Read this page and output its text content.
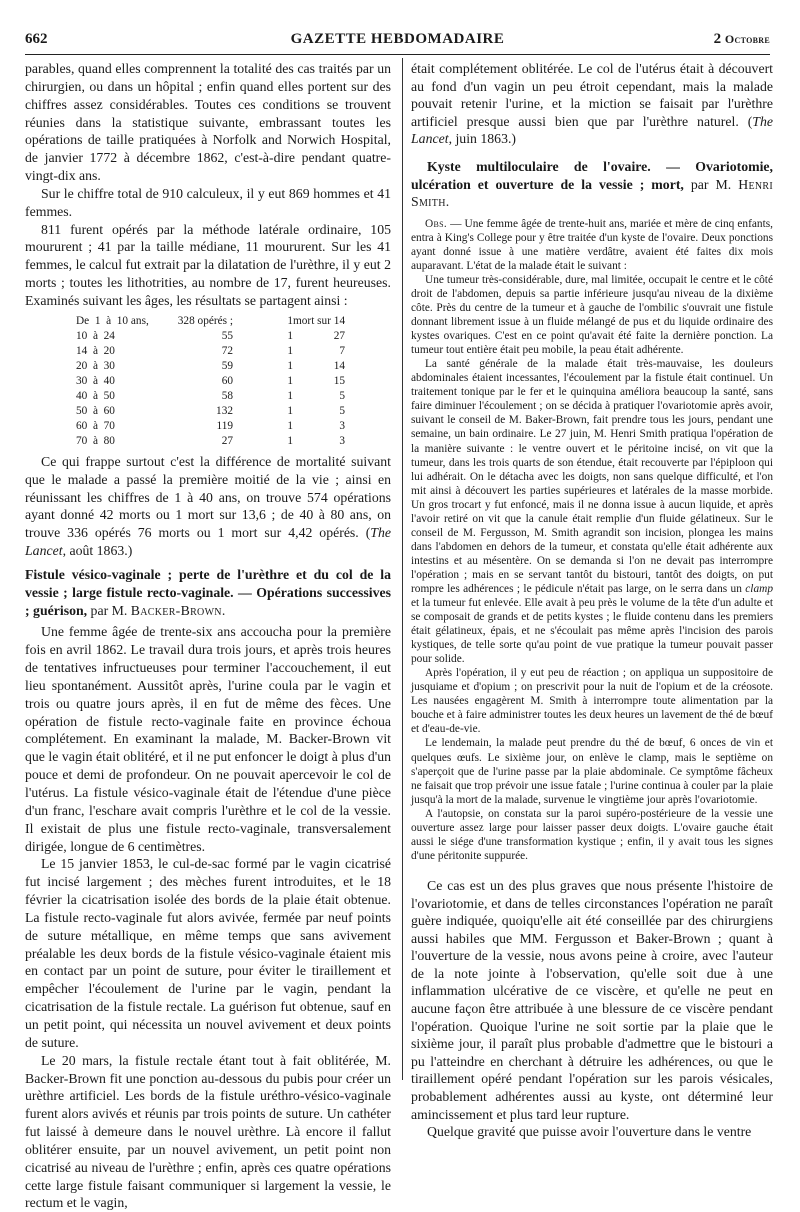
662	GAZETTE HEBDOMADAIRE	2 Octobre

parables, quand elles comprennent la totalité des cas traités par un chirurgien, ou dans un hôpital ; enfin quand elles portent sur des chiffres assez considérables. Toutes ces conditions se trouvent réunies dans la statistique suivante, embrassant toutes les opérations de taille pratiquées à Norfolk and Norwich Hospital, de janvier 1772 à décembre 1862, c'est-à-dire pendant quatre-vingt-dix ans.

Sur le chiffre total de 910 calculeux, il y eut 869 hommes et 41 femmes.

811 furent opérés par la méthode latérale ordinaire, 105 moururent ; 41 par la taille médiane, 11 moururent. Sur les 41 femmes, le calcul fut extrait par la dilatation de l'urèthre, il y eut 2 morts ; toutes les lithotrities, au nombre de 17, furent heureuses. Examinés suivant les âges, les résultats se partagent ainsi :

De  1  à  10 ans,	328 opérés ;	1 mort sur 14
10  à  24	55	1	27
14  à  20	72	1	7
20  à  30	59	1	14
30  à  40	60	1	15
40  à  50	58	1	5
50  à  60	132	1	5
60  à  70	119	1	3
70  à  80	27	1	3

Ce qui frappe surtout c'est la différence de mortalité suivant que le malade a passé la première moitié de la vie ; ainsi en réunissant les chiffres de 1 à 40 ans, on trouve 574 opérations ayant donné 42 morts ou 1 mort sur 13,6 ; de 40 à 80 ans, on trouve 336 opérés 76 morts ou 1 mort sur 4,42 opérés. (The Lancet, août 1863.)

Fistule vésico-vaginale ; perte de l'urèthre et du col de la vessie ; large fistule recto-vaginale. — Opérations successives ; guérison, par M. Backer-Brown.

Une femme âgée de trente-six ans accoucha pour la première fois en avril 1862. Le travail dura trois jours, et après trois heures de tentatives infructueuses pour terminer l'accouchement, il eut lieu spontanément. Aussitôt après, l'urine coula par le vagin et trois ou quatre jours après, il en fut de même des fèces. Une opération de fistule recto-vaginale faite en province échoua complétement. En examinant la malade, M. Backer-Brown vit que le vagin était oblitéré, et il ne put enfoncer le doigt à plus d'un pouce et demi de profondeur. On ne pouvait apercevoir le col de l'utérus. La fistule vésico-vaginale était de l'étendue d'une pièce d'un franc, l'eschare avait compris l'urèthre et le col de la vessie. Il existait de plus une fistule recto-vaginale, transversalement dirigée, longue de 6 centimètres.

Le 15 janvier 1853, le cul-de-sac formé par le vagin cicatrisé fut incisé largement ; des mèches furent introduites, et le 18 février la cicatrisation isolée des bords de la plaie était obtenue. La fistule recto-vaginale fut alors avivée, fermée par neuf points de suture métallique, en même temps que sans avivement préalable les deux bords de la fistule vésico-vaginale étaient mis en contact par un point de suture, pour éviter le tiraillement et empêcher l'écoulement de l'urine par le vagin, pendant la cicatrisation de la fistule rectale. La guérison fut obtenue, sauf en un petit point, qui nécessita un nouvel avivement et deux points de suture.

Le 20 mars, la fistule rectale étant tout à fait oblitérée, M. Backer-Brown fit une ponction au-dessous du pubis pour créer un urèthre artificiel. Les bords de la fistule uréthro-vésico-vaginale furent alors avivés et réunis par trois points de suture. Un cathéter fut laissé à demeure dans le nouvel urèthre. Là encore il fallut oblitérer ensuite, par un nouvel avivement, un petit point non cicatrisé au niveau de l'urèthre ; enfin, après ces quatre opérations cette large fistule faisant communiquer si largement la vessie, le rectum et le vagin,

était complétement oblitérée. Le col de l'utérus était à découvert au fond d'un vagin un peu étroit cependant, mais la malade pouvait retenir l'urine, et la miction se faisait par l'urèthre artificiel presque aussi bien que par l'urèthre naturel. (The Lancet, juin 1863.)

Kyste multiloculaire de l'ovaire. — Ovariotomie, ulcération et ouverture de la vessie ; mort, par M. Henri Smith.

Obs. — Une femme âgée de trente-huit ans, mariée et mère de cinq enfants, entra à King's College pour y être traitée d'un kyste de l'ovaire. Deux ponctions ayant donné issue à une matière verdâtre, avaient été faites dix mois auparavant. L'état de la malade était le suivant :

Une tumeur très-considérable, dure, mal limitée, occupait le centre et le côté droit de l'abdomen, depuis sa partie inférieure jusqu'au niveau de la dixième côte. Près du centre de la tumeur et à gauche de l'ombilic s'ouvrait une fistule donnant librement issue à un fluide mélangé de pus et du liquide ordinaire des kystes ovariques. C'est en ce point qu'avait été faite la dernière ponction. La tumeur tout entière était peu mobile, la peau était adhérente.

La santé générale de la malade était très-mauvaise, les douleurs abdominales étaient incessantes, l'écoulement par la fistule était continuel. Un traitement tonique par le fer et le quinquina améliora beaucoup la santé, sans faire diminuer l'écoulement ; on se décida à pratiquer l'ovariotomie après avoir, suivant le conseil de M. Baker-Brown, fait prendre tous les jours, pendant une semaine, un bain ordinaire. Le 27 juin, M. Henri Smith pratiqua l'opération de la manière suivante : le ventre ouvert et le péritoine incisé, on vit que la tumeur, dans les trois quarts de son étendue, était recouverte par l'épiploon qui lui adhérait. On le détacha avec les doigts, non sans quelque difficulté, et l'on mit ainsi à découvert les parties supérieures et latérales de la masse morbide. Un gros trocart y fut enfoncé, mais il ne donna issue à aucun liquide, et après l'avoir retiré on vit que la canule était remplie d'un fluide gélatineux. Sur le conseil de M. Fergusson, M. Smith agrandit son incision, plongea les mains dans l'abdomen en dehors de la tumeur, et constata qu'elle était adhérente aux intestins et au mésentère. On se demanda si l'on ne devait pas interrompre l'opération ; mais en se servant tantôt du bistouri, tantôt des doigts, on put rompre les adhérences ; le pédicule n'était pas large, on le serra dans un clamp et la tumeur fut enlevée. Elle avait à peu près le volume de la tête d'un adulte et se composait de grands et de petits kystes ; le fluide contenu dans les premiers était gélatineux, épais, et ne s'écoulait pas même après l'incision des parois kystiques, de telle sorte qu'au point de vue pratique la tumeur pouvait passer pour solide.

Après l'opération, il y eut peu de réaction ; on appliqua un suppositoire de jusquiame et d'opium ; on prescrivit pour la nuit de l'opium et de la créosote. Les nausées engagèrent M. Smith à interrompre toute alimentation par la bouche et à faire administrer toutes les deux heures un lavement de thé de bœuf et d'eau-de-vie.

Le lendemain, la malade peut prendre du thé de bœuf, 6 onces de vin et quelques œufs. Le sixième jour, on enlève le clamp, mais le septième on s'aperçoit que de l'urine passe par la plaie abdominale. Ce symptôme fâcheux ne faisait que trop prévoir une issue fatale ; l'urine continua à couler par la plaie jusqu'à la mort de la malade, survenue le vingtième jour après l'ovariotomie.

A l'autopsie, on constata sur la paroi supéro-postérieure de la vessie une ouverture assez large pour laisser passer deux doigts. L'ovaire gauche était aussi le siége d'une transformation kystique ; enfin, il y avait tous les signes d'une péritonite suppurée.

Ce cas est un des plus graves que nous présente l'histoire de l'ovariotomie, et dans de telles circonstances l'opération ne paraît guère indiquée, quoiqu'elle ait été conseillée par des chirurgiens aussi habiles que MM. Fergusson et Baker-Brown ; quant à l'ouverture de la vessie, nous avons peine à croire, avec l'auteur de la note jointe à l'observation, qu'elle soit due à une inflammation ulcérative de ce viscère, et qu'elle ne peut en aucune façon être attribuée à une blessure de ce viscère pendant l'opération. Quoique l'urine ne soit sortie par la plaie que le sixième jour, il paraît plus probable d'admettre que le bistouri a pu l'atteindre en cherchant à détruire les adhérences, ou que le tiraillement opéré pendant l'opération sur les parois vésicales, probablement adhérentes aussi au kyste, ont déterminé leur amincissement et plus tard leur rupture.

Quelque gravité que puisse avoir l'ouverture dans le ventre
